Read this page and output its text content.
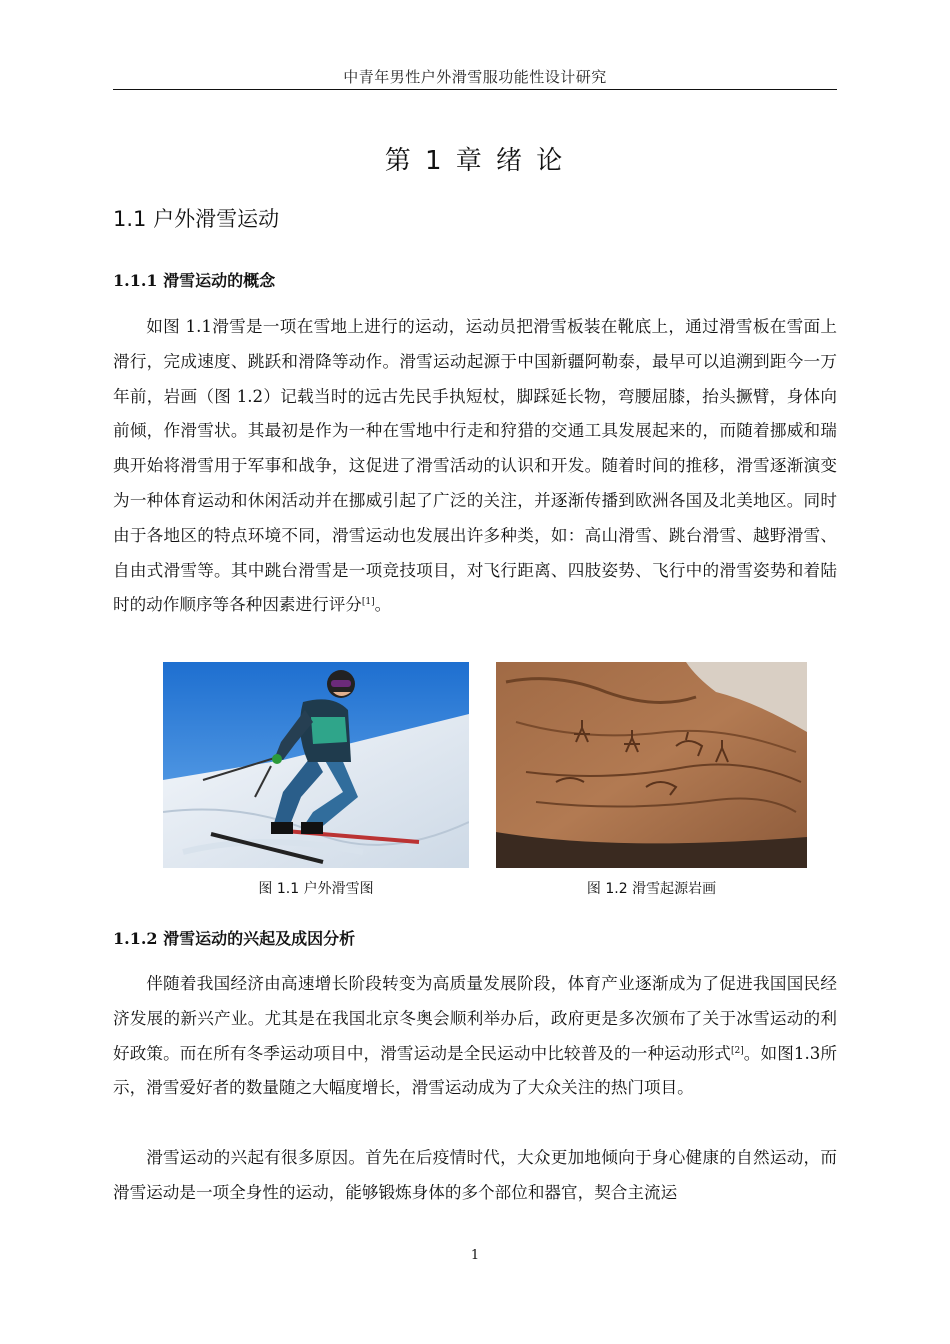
中青年男性户外滑雪服功能性设计研究
第 1 章 绪 论
1.1 户外滑雪运动
1.1.1 滑雪运动的概念

如图 1.1滑雪是一项在雪地上进行的运动，运动员把滑雪板装在靴底上，通过滑雪板在雪面上滑行，完成速度、跳跃和滑降等动作。滑雪运动起源于中国新疆阿勒泰，最早可以追溯到距今一万年前，岩画（图 1.2）记载当时的远古先民手执短杖，脚踩延长物，弯腰屈膝，抬头撅臂，身体向前倾，作滑雪状。其最初是作为一种在雪地中行走和狩猎的交通工具发展起来的，而随着挪威和瑞典开始将滑雪用于军事和战争，这促进了滑雪活动的认识和开发。随着时间的推移，滑雪逐渐演变为一种体育运动和休闲活动并在挪威引起了广泛的关注，并逐渐传播到欧洲各国及北美地区。同时由于各地区的特点环境不同，滑雪运动也发展出许多种类，如：高山滑雪、跳台滑雪、越野滑雪、自由式滑雪等。其中跳台滑雪是一项竞技项目，对飞行距离、四肢姿势、飞行中的滑雪姿势和着陆时的动作顺序等各种因素进行评分[1]。

图 1.1 户外滑雪图	图 1.2 滑雪起源岩画
1.1.2 滑雪运动的兴起及成因分析

伴随着我国经济由高速增长阶段转变为高质量发展阶段，体育产业逐渐成为了促进我国国民经济发展的新兴产业。尤其是在我国北京冬奥会顺利举办后，政府更是多次颁布了关于冰雪运动的利好政策。而在所有冬季运动项目中，滑雪运动是全民运动中比较普及的一种运动形式[2]。如图1.3所示，滑雪爱好者的数量随之大幅度增长，滑雪运动成为了大众关注的热门项目。

滑雪运动的兴起有很多原因。首先在后疫情时代，大众更加地倾向于身心健康的自然运动，而滑雪运动是一项全身性的运动，能够锻炼身体的多个部位和器官，契合主流运

1
